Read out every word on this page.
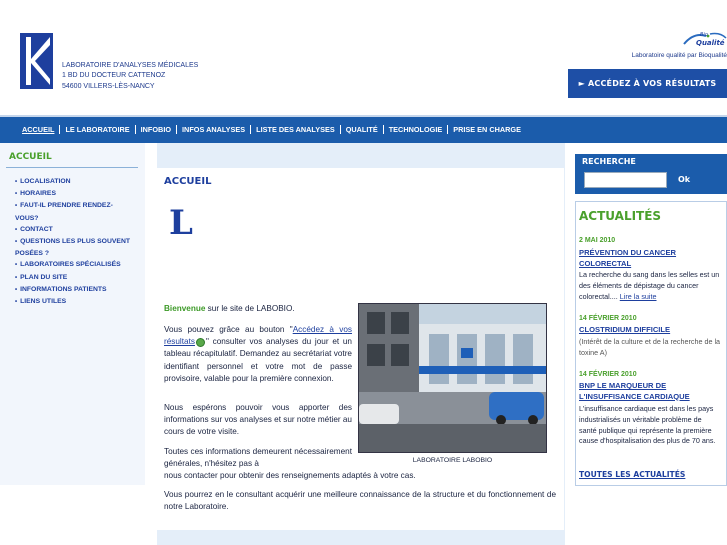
LABORATOIRE D'ANALYSES MÉDICALES
1 BD DU DOCTEUR CATTENOZ
54600 VILLERS-LÈS-NANCY
Bio
Qualité
Laboratoire qualité par Bioqualité
► ACCÉDEZ À VOS RÉSULTATS
ACCUEIL	LE LABORATOIRE	INFOBIO	INFOS ANALYSES	LISTE DES ANALYSES	QUALITÉ	TECHNOLOGIE	PRISE EN CHARGE
ACCUEIL
• LOCALISATION
• HORAIRES
• FAUT-IL PRENDRE RENDEZ-VOUS?
• CONTACT
• QUESTIONS LES PLUS SOUVENT POSÉES ?
• LABORATOIRES SPÉCIALISÉS
• PLAN DU SITE
• INFORMATIONS PATIENTS
• LIENS UTILES
ACCUEIL
L
Bienvenue sur le site de LABOBIO.
Vous pouvez grâce au bouton "Accédez à vos résultats " consulter vos analyses du jour et un tableau récapitulatif. Demandez au secrétariat votre identifiant personnel et votre mot de passe provisoire, valable pour la première connexion.
Nous espérons pouvoir vous apporter des informations sur vos analyses et sur notre métier au cours de votre visite.
Toutes ces informations demeurent nécessairement générales, n'hésitez pas à
nous contacter pour obtenir des renseignements adaptés à votre cas.
Vous pourrez en le consultant acquérir une meilleure connaissance de la structure et du fonctionnement de notre Laboratoire.
LABORATOIRE LABOBIO
RECHERCHE
Ok
ACTUALITÉS
2 MAI 2010
PRÉVENTION DU CANCER COLORECTAL
La recherche du sang dans les selles est un des éléments de dépistage du cancer colorectal.... Lire la suite
14 FÉVRIER 2010
CLOSTRIDIUM DIFFICILE
(Intérêt de la culture et de la recherche de la toxine A)
14 FÉVRIER 2010
BNP LE MARQUEUR DE L'INSUFFISANCE CARDIAQUE
L'insuffisance cardiaque est dans les pays industrialisés un véritable problème de santé publique qui représente la première cause d'hospitalisation des plus de 70 ans.
TOUTES LES ACTUALITÉS
